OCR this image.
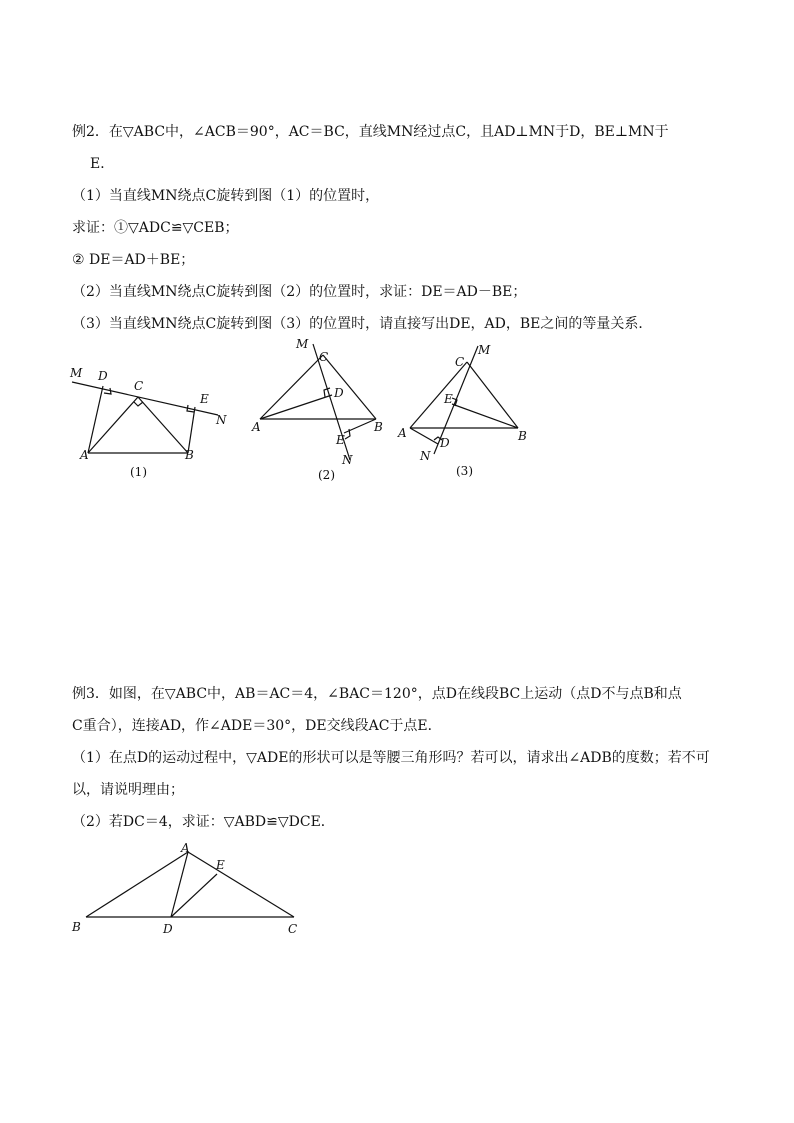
例2．在▽ABC中，∠ACB＝90°，AC＝BC，直线MN经过点C，且AD⊥MN于D，BE⊥MN于
E．
（1）当直线MN绕点C旋转到图（1）的位置时，
求证：①▽ADC≌▽CEB；
② DE＝AD＋BE；
（2）当直线MN绕点C旋转到图（2）的位置时，求证：DE＝AD－BE；
（3）当直线MN绕点C旋转到图（3）的位置时，请直接写出DE，AD，BE之间的等量关系．
M D
C
E
N
A	B
(1)
M
C
D
A	B
E
N
(2)
C
M
E
A
D
N
B
(3)
例3．如图，在▽ABC中，AB＝AC＝4，∠BAC＝120°，点D在线段BC上运动（点D不与点B和点
C重合），连接AD，作∠ADE＝30°，DE交线段AC于点E．
（1）在点D的运动过程中，▽ADE的形状可以是等腰三角形吗？若可以，请求出∠ADB的度数；若不可
以，请说明理由；
（2）若DC＝4，求证：▽ABD≌▽DCE．
A
E
B	D	C
